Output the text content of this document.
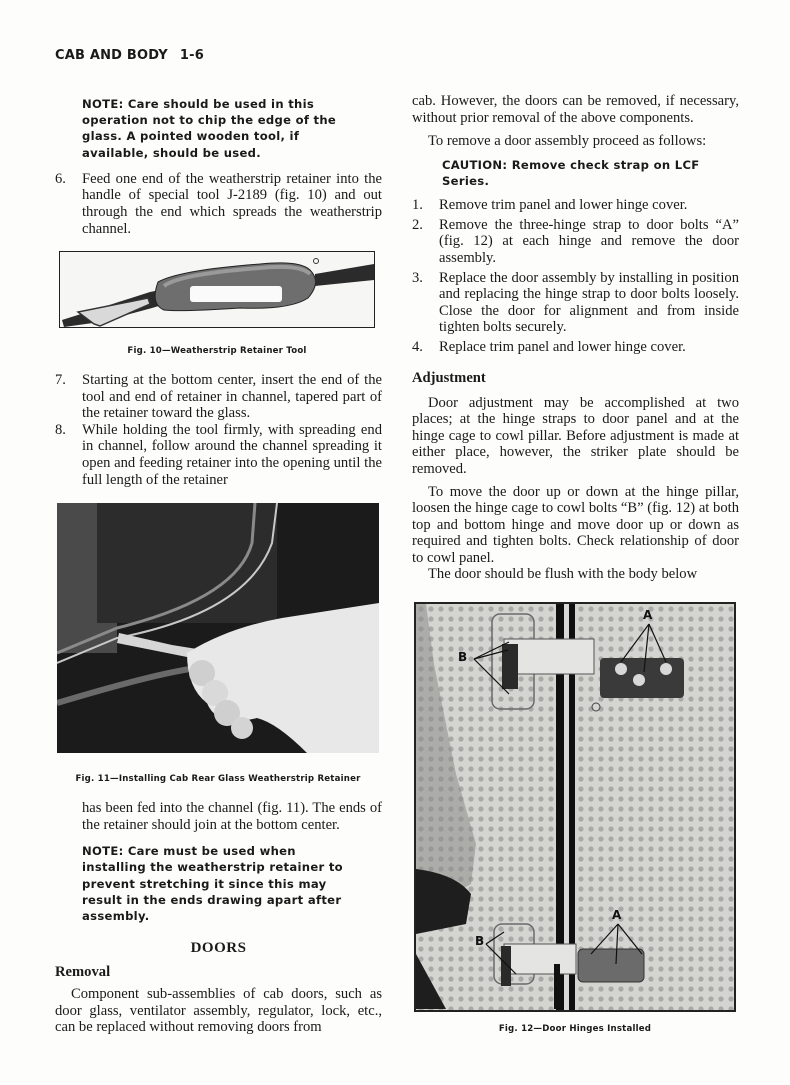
CAB AND BODY 1-6

NOTE: Care should be used in this operation not to chip the edge of the glass. A pointed wooden tool, if available, should be used.

6.	Feed one end of the weatherstrip retainer into the handle of special tool J-2189 (fig. 10) and out through the end which spreads the weatherstrip channel.
Fig. 10—Weatherstrip Retainer Tool
7.	Starting at the bottom center, insert the end of the tool and end of retainer in channel, tapered part of the retainer toward the glass.
8.	While holding the tool firmly, with spreading end in channel, follow around the channel spreading it open and feeding retainer into the opening until the full length of the retainer
Fig. 11—Installing Cab Rear Glass Weatherstrip Retainer

has been fed into the channel (fig. 11). The ends of the retainer should join at the bottom center.

NOTE: Care must be used when installing the weatherstrip retainer to prevent stretching it since this may result in the ends drawing apart after assembly.

DOORS
Removal

Component sub-assemblies of cab doors, such as door glass, ventilator assembly, regulator, lock, etc., can be replaced without removing doors from

cab. However, the doors can be removed, if necessary, without prior removal of the above components.

To remove a door assembly proceed as follows:

CAUTION: Remove check strap on LCF Series.

1.	Remove trim panel and lower hinge cover.
2.	Remove the three-hinge strap to door bolts “A” (fig. 12) at each hinge and remove the door assembly.
3.	Replace the door assembly by installing in position and replacing the hinge strap to door bolts loosely. Close the door for alignment and from inside tighten bolts securely.
4.	Replace trim panel and lower hinge cover.
Adjustment

Door adjustment may be accomplished at two places; at the hinge straps to door panel and at the hinge cage to cowl pillar. Before adjustment is made at either place, however, the striker plate should be removed.

To move the door up or down at the hinge pillar, loosen the hinge cage to cowl bolts “B” (fig. 12) at both top and bottom hinge and move door up or down as required and tighten bolts. Check relationship of door to cowl panel.

The door should be flush with the body below

A
B
A
B
Fig. 12—Door Hinges Installed
